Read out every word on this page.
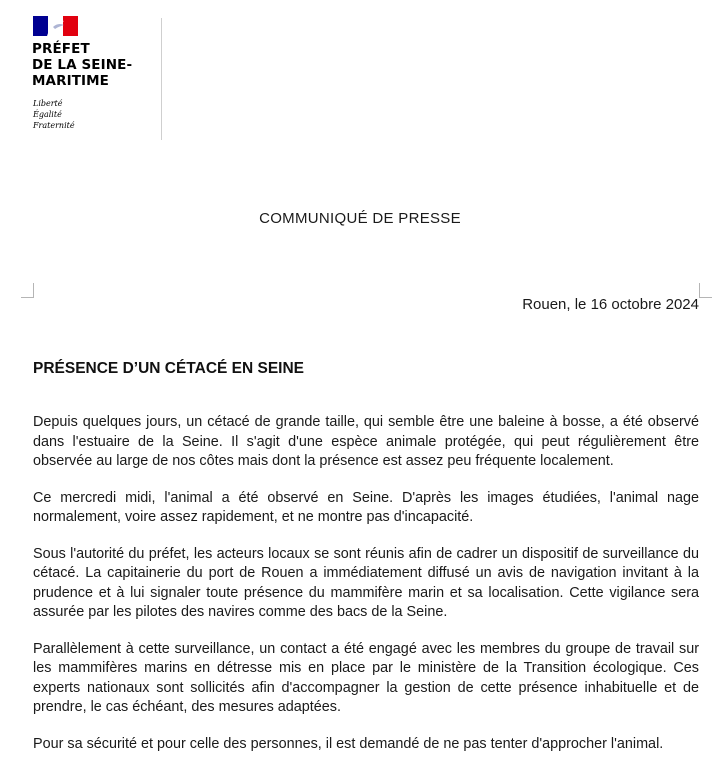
PRÉFET
DE LA SEINE-
MARITIME
Liberté
Égalité
Fraternité
COMMUNIQUÉ DE PRESSE
Rouen, le 16 octobre 2024
PRÉSENCE D’UN CÉTACÉ EN SEINE

Depuis quelques jours, un cétacé de grande taille, qui semble être une baleine à bosse, a été observé dans l'estuaire de la Seine. Il s'agit d'une espèce animale protégée, qui peut régulièrement être observée au large de nos côtes mais dont la présence est assez peu fréquente localement.

Ce mercredi midi, l'animal a été observé en Seine. D'après les images étudiées, l'animal nage normalement, voire assez rapidement, et ne montre pas d'incapacité.

Sous l'autorité du préfet, les acteurs locaux se sont réunis afin de cadrer un dispositif de surveillance du cétacé. La capitainerie du port de Rouen a immédiatement diffusé un avis de navigation invitant à la prudence et à lui signaler toute présence du mammifère marin et sa localisation. Cette vigilance sera assurée par les pilotes des navires comme des bacs de la Seine.

Parallèlement à cette surveillance, un contact a été engagé avec les membres du groupe de travail sur les mammifères marins en détresse mis en place par le ministère de la Transition écologique. Ces experts nationaux sont sollicités afin d'accompagner la gestion de cette présence inhabituelle et de prendre, le cas échéant, des mesures adaptées.

Pour sa sécurité et pour celle des personnes, il est demandé de ne pas tenter d'approcher l'animal.
